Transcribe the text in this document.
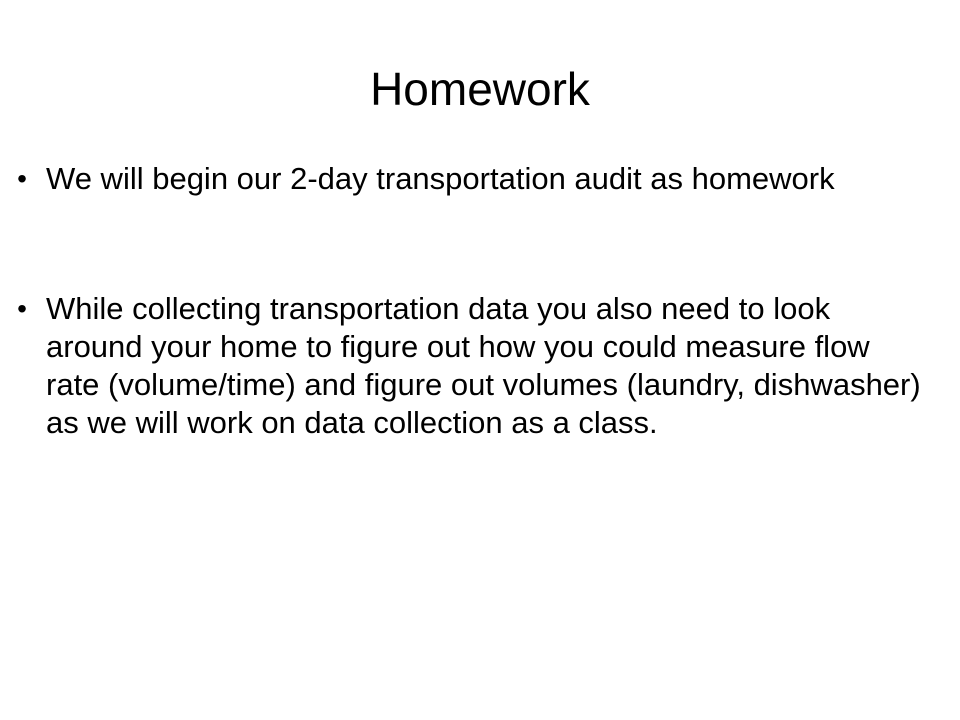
Homework
• We will begin our 2-day transportation audit as homework
• While collecting transportation data you also need to look around your home to figure out how you could measure flow rate (volume/time) and figure out volumes (laundry, dishwasher) as we will work on data collection as a class.
